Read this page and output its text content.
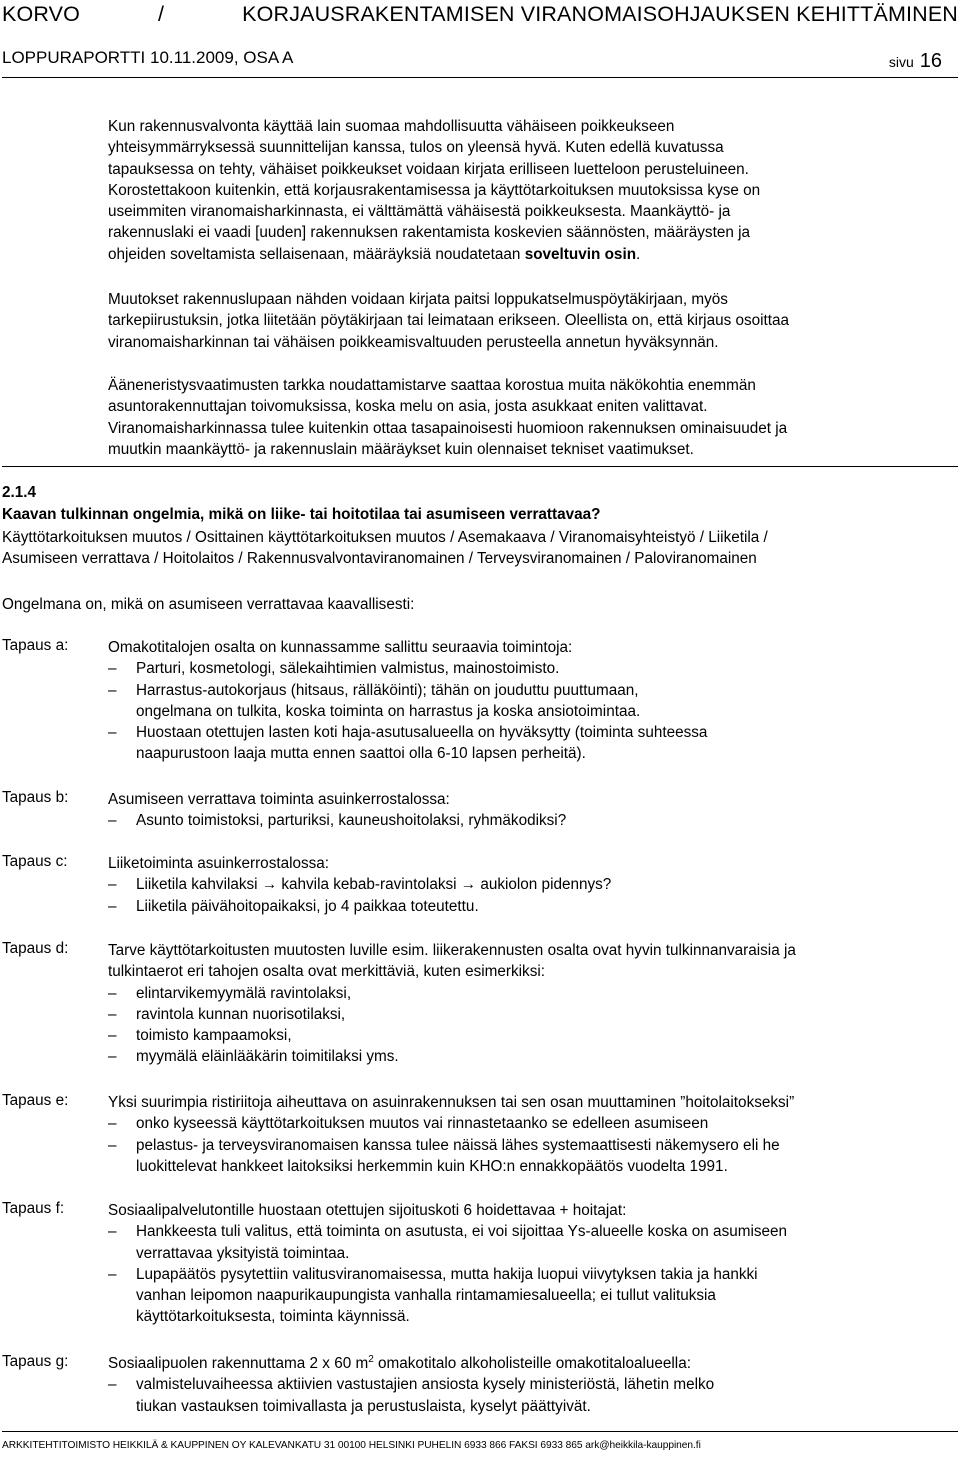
KORVO	/	KORJAUSRAKENTAMISEN VIRANOMAISOHJAUKSEN KEHITTÄMINEN
LOPPURAPORTTI 10.11.2009, OSA A	sivu 16
Kun rakennusvalvonta käyttää lain suomaa mahdollisuutta vähäiseen poikkeukseen
yhteisymmärryksessä suunnittelijan kanssa, tulos on yleensä hyvä. Kuten edellä kuvatussa
tapauksessa on tehty, vähäiset poikkeukset voidaan kirjata erilliseen luetteloon perusteluineen.
Korostettakoon kuitenkin, että korjausrakentamisessa ja käyttötarkoituksen muutoksissa kyse on
useimmiten viranomaisharkinnasta, ei välttämättä vähäisestä poikkeuksesta. Maankäyttö- ja
rakennuslaki ei vaadi [uuden] rakennuksen rakentamista koskevien säännösten, määräysten ja
ohjeiden soveltamista sellaisenaan, määräyksiä noudatetaan soveltuvin osin.
Muutokset rakennuslupaan nähden voidaan kirjata paitsi loppukatselmuspöytäkirjaan, myös
tarkepiirustuksin, jotka liitetään pöytäkirjaan tai leimataan erikseen. Oleellista on, että kirjaus osoittaa
viranomaisharkinnan tai vähäisen poikkeamisvaltuuden perusteella annetun hyväksynnän.
Ääneneristysvaatimusten tarkka noudattamistarve saattaa korostua muita näkökohtia enemmän
asuntorakennuttajan toivomuksissa, koska melu on asia, josta asukkaat eniten valittavat.
Viranomaisharkinnassa tulee kuitenkin ottaa tasapainoisesti huomioon rakennuksen ominaisuudet ja
muutkin maankäyttö- ja rakennuslain määräykset kuin olennaiset tekniset vaatimukset.
2.1.4
Kaavan tulkinnan ongelmia, mikä on liike- tai hoitotilaa tai asumiseen verrattavaa?
Käyttötarkoituksen muutos / Osittainen käyttötarkoituksen muutos / Asemakaava / Viranomaisyhteistyö / Liiketila /
Asumiseen verrattava / Hoitolaitos / Rakennusvalvontaviranomainen / Terveysviranomainen / Paloviranomainen
Ongelmana on, mikä on asumiseen verrattavaa kaavallisesti:
Tapaus a:	Omakotitalojen osalta on kunnassamme sallittu seuraavia toimintoja:
–	Parturi, kosmetologi, sälekaihtimien valmistus, mainostoimisto.
–	Harrastus-autokorjaus (hitsaus, rälläköinti); tähän on jouduttu puuttumaan,
ongelmana on tulkita, koska toiminta on harrastus ja koska ansiotoimintaa.
–	Huostaan otettujen lasten koti haja-asutusalueella on hyväksytty (toiminta suhteessa
naapurustoon laaja mutta ennen saattoi olla 6-10 lapsen perheitä).
Tapaus b:	Asumiseen verrattava toiminta asuinkerrostalossa:
–	Asunto toimistoksi, parturiksi, kauneushoitolaksi, ryhmäkodiksi?
Tapaus c:	Liiketoiminta asuinkerrostalossa:
–	Liiketila kahvilaksi → kahvila kebab-ravintolaksi → aukiolon pidennys?
–	Liiketila päivähoitopaikaksi, jo 4 paikkaa toteutettu.
Tapaus d:	Tarve käyttötarkoitusten muutosten luville esim. liikerakennusten osalta ovat hyvin tulkinnanvaraisia ja
tulkintaerot eri tahojen osalta ovat merkittäviä, kuten esimerkiksi:
–	elintarvikemyymälä ravintolaksi,
–	ravintola kunnan nuorisotilaksi,
–	toimisto kampaamoksi,
–	myymälä eläinlääkärin toimitilaksi yms.
Tapaus e:	Yksi suurimpia ristiriitoja aiheuttava on asuinrakennuksen tai sen osan muuttaminen ”hoitolaitokseksi”
–	onko kyseessä käyttötarkoituksen muutos vai rinnastetaanko se edelleen asumiseen
–	pelastus- ja terveysviranomaisen kanssa tulee näissä lähes systemaattisesti näkemysero eli he
luokittelevat hankkeet laitoksiksi herkemmin kuin KHO:n ennakkopäätös vuodelta 1991.
Tapaus f:	Sosiaalipalvelutontille huostaan otettujen sijoituskoti 6 hoidettavaa + hoitajat:
–	Hankkeesta tuli valitus, että toiminta on asutusta, ei voi sijoittaa Ys-alueelle koska on asumiseen
verrattavaa yksityistä toimintaa.
–	Lupapäätös pysytettiin valitusviranomaisessa, mutta hakija luopui viivytyksen takia ja hankki
vanhan leipomon naapurikaupungista vanhalla rintamamiesalueella; ei tullut valituksia
käyttötarkoituksesta, toiminta käynnissä.
Tapaus g:	Sosiaalipuolen rakennuttama 2 x 60 $m^2$ omakotitalo alkoholisteille omakotitaloalueella:
–	valmisteluvaiheessa aktiivien vastustajien ansiosta kysely ministeriöstä, lähetin melko
tiukan vastauksen toimivallasta ja perustuslaista, kyselyt päättyivät.
ARKKITEHTITOIMISTO HEIKKILÄ & KAUPPINEN OY KALEVANKATU 31 00100 HELSINKI PUHELIN 6933 866 FAKSI 6933 865 ark@heikkila-kauppinen.fi
